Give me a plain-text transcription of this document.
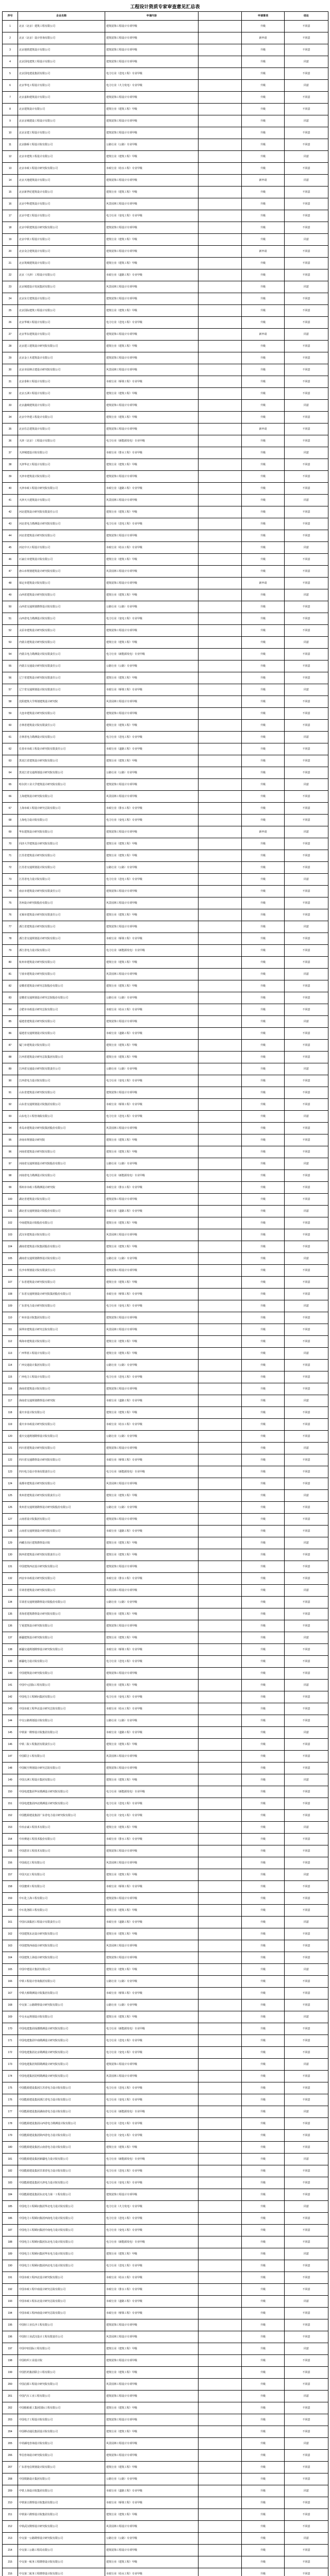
工程设计资质专家审查意见汇总表
序号	企业名称	申请内容		申请事项	结论
1	北京（北京）建筑工程有限公司	建筑装饰工程设计专项甲级		升级	不同意
2	北京（北京）设计咨询有限公司	建筑装饰工程设计专项甲级		新申请	不同意
3	北京地铁建筑设计有限公司	建筑装饰工程设计专项甲级		升级	不同意
4	北京国电建筑工程设计有限公司	建筑装饰工程设计专项甲级		升级	同意
5	北京国电建设集团有限公司	电力行业（送电工程）专业甲级		升级	不同意
6	北京华电工程设计有限公司	电力行业（火力发电）专业甲级		升级	同意
7	北京嘉和建筑设计有限公司	建筑装饰工程设计专项甲级		升级	不同意
8	北京建筑设计有限公司	建筑行业（建筑工程）甲级		升级	不同意
9	北京京城建设工程设计有限公司	建筑装饰工程设计专项甲级		升级	同意
10	北京京建工程设计有限公司	建筑装饰工程设计专项甲级		升级	不同意
11	北京路桥工程设计院有限公司	公路行业（公路）专业甲级		升级	不同意
12	北京市建筑工程设计有限公司	建筑行业（建筑工程）甲级		升级	同意
13	北京市政工程设计研究院有限公司	市政行业（给水工程）专业甲级		升级	不同意
14	北京天地建筑设计有限公司	建筑装饰工程设计专项甲级		新申请	同意
15	北京新世纪建筑设计有限公司	建筑行业（建筑工程）甲级		升级	不同意
16	北京中科建筑设计有限公司	风景园林工程设计专项甲级		升级	不同意
17	北京中建工程设计有限公司	电力行业（变电工程）专业甲级		升级	不同意
18	北京中联建筑设计研究院有限公司	建筑装饰工程设计专项甲级		升级	不同意
19	北京中铁工程设计有限公司	建筑行业（建筑工程）甲级		升级	同意
20	北京众合建筑设计有限公司	建筑装饰工程设计专项甲级		新申请	不同意
21	北京筑城建筑设计有限公司	建筑行业（建筑工程）甲级		升级	不同意
22	北京（天津）工程设计有限公司	市政行业（道路工程）专业甲级		升级	不同意
23	北京城建设计发展集团有限公司	风景园林工程设计专项甲级		升级	同意
24	北京东方建筑设计有限公司	建筑装饰工程设计专项甲级		升级	不同意
25	北京国际建筑工程设计有限公司	建筑行业（建筑工程）甲级		升级	不同意
26	北京华城工程设计有限公司	电力行业（送电工程）专业甲级		升级	不同意
27	北京华东建筑设计有限公司	建筑装饰工程设计专项甲级		新申请	同意
28	北京建工建筑设计研究院有限公司	建筑行业（建筑工程）甲级		升级	不同意
29	北京金土木建筑设计有限公司	建筑装饰工程设计专项甲级		升级	不同意
30	北京市园林古建设计研究院有限公司	风景园林工程设计专项甲级		升级	不同意
31	北京泰和工程设计有限公司	市政行业（桥梁工程）专业甲级		升级	不同意
32	北京五洲工程设计有限公司	建筑行业（建筑工程）甲级		升级	不同意
33	北京鑫城建筑设计有限公司	建筑装饰工程设计专项甲级		升级	同意
34	北京中外建工程设计有限公司	建筑行业（建筑工程）甲级		升级	不同意
35	北京住总建筑设计有限公司	建筑装饰工程设计专项甲级		新申请	不同意
36	天津（北京）工程设计有限公司	电力行业（新能源发电）专业甲级		升级	不同意
37	天津城建设计院有限公司	市政行业（排水工程）专业甲级		升级	同意
38	天津华北工程设计有限公司	建筑行业（建筑工程）甲级		升级	不同意
39	天津市建筑设计院有限公司	建筑装饰工程设计专项甲级		升级	不同意
40	天津市政工程设计研究院有限公司	市政行业（道路工程）专业甲级		升级	不同意
41	天津天大建筑设计有限公司	风景园林工程设计专项甲级		升级	同意
42	河北建筑设计研究院有限责任公司	建筑行业（建筑工程）甲级		升级	不同意
43	河北省电力勘测设计研究院有限公司	电力行业（送电工程）专业甲级		升级	不同意
44	河北省建筑设计研究院有限公司	建筑装饰工程设计专项甲级		升级	不同意
45	河北中兴工程设计有限公司	市政行业（给水工程）专业甲级		升级	同意
46	石家庄市建筑设计院有限公司	建筑行业（建筑工程）甲级		升级	不同意
47	唐山市规划建筑设计研究院有限公司	风景园林工程设计专项甲级		升级	不同意
48	保定市建筑设计院有限公司	建筑装饰工程设计专项甲级		新申请	不同意
49	山西省建筑设计研究院有限公司	建筑行业（建筑工程）甲级		升级	同意
50	山西省交通规划勘察设计院有限公司	公路行业（公路）专业甲级		升级	不同意
51	山西省电力勘测设计院有限公司	电力行业（变电工程）专业甲级		升级	不同意
52	太原市建筑设计研究院有限公司	建筑装饰工程设计专项甲级		升级	不同意
53	内蒙古建筑设计研究院有限公司	建筑行业（建筑工程）甲级		升级	同意
54	内蒙古电力勘测设计院有限责任公司	电力行业（新能源发电）专业甲级		升级	不同意
55	内蒙古交通设计研究院有限责任公司	公路行业（公路）专业甲级		升级	不同意
56	辽宁省建筑设计研究院有限责任公司	建筑行业（建筑工程）甲级		升级	不同意
57	辽宁省交通规划设计院有限责任公司	市政行业（桥梁工程）专业甲级		升级	同意
58	沈阳建筑大学规划建筑设计研究院	风景园林工程设计专项甲级		升级	不同意
59	大连市建筑设计研究院有限公司	建筑装饰工程设计专项甲级		升级	不同意
60	吉林省建筑设计院有限责任公司	建筑行业（建筑工程）甲级		升级	不同意
61	吉林省电力勘测设计院有限公司	电力行业（送电工程）专业甲级		升级	同意
62	长春市市政工程设计研究院有限责任公司	市政行业（道路工程）专业甲级		升级	不同意
63	黑龙江省建筑设计研究院有限公司	建筑行业（建筑工程）甲级		升级	不同意
64	黑龙江省交通规划设计研究院有限公司	公路行业（公路）专业甲级		升级	不同意
65	哈尔滨工业大学建筑设计研究院有限公司	建筑装饰工程设计专项甲级		升级	同意
66	上海建筑设计研究院有限公司	风景园林工程设计专项甲级		升级	不同意
67	上海市政工程设计研究总院有限公司	市政行业（排水工程）专业甲级		升级	不同意
68	上海电力设计院有限公司	电力行业（变电工程）专业甲级		升级	不同意
69	华东建筑设计研究院有限公司	建筑装饰工程设计专项甲级		新申请	同意
70	同济大学建筑设计研究院有限公司	建筑行业（建筑工程）甲级		升级	不同意
71	江苏省建筑设计研究院有限公司	建筑行业（建筑工程）甲级		升级	不同意
72	江苏省交通规划设计院有限公司	公路行业（公路）专业甲级		升级	不同意
73	江苏省电力设计院有限公司	电力行业（送电工程）专业甲级		升级	同意
74	南京市建筑设计研究院有限责任公司	建筑装饰工程设计专项甲级		升级	不同意
75	苏州设计研究院股份有限公司	风景园林工程设计专项甲级		升级	不同意
76	无锡市建筑设计研究院有限责任公司	建筑行业（建筑工程）甲级		升级	不同意
77	浙江省建筑设计研究院有限公司	建筑装饰工程设计专项甲级		升级	同意
78	浙江省交通规划设计研究院有限公司	市政行业（桥梁工程）专业甲级		升级	不同意
79	浙江省电力设计院有限公司	电力行业（新能源发电）专业甲级		升级	不同意
80	杭州市建筑设计研究院有限公司	建筑行业（建筑工程）甲级		升级	不同意
81	宁波市建筑设计研究院有限公司	风景园林工程设计专项甲级		升级	同意
82	安徽省建筑设计研究总院股份有限公司	建筑行业（建筑工程）甲级		升级	不同意
83	安徽省交通规划设计研究总院股份有限公司	公路行业（公路）专业甲级		升级	不同意
84	合肥市市政设计研究总院有限公司	市政行业（给水工程）专业甲级		升级	不同意
85	福建省建筑设计研究院有限公司	建筑装饰工程设计专项甲级		升级	同意
86	福建省交通规划设计院有限公司	市政行业（道路工程）专业甲级		升级	不同意
87	厦门市建筑设计院有限公司	建筑行业（建筑工程）甲级		升级	不同意
88	江西省建筑设计研究总院集团有限公司	建筑行业（建筑工程）甲级		升级	不同意
89	江西省交通设计研究院有限责任公司	公路行业（公路）专业甲级		升级	同意
90	江西省电力设计院有限公司	电力行业（变电工程）专业甲级		升级	不同意
91	山东省建筑设计研究院有限公司	建筑装饰工程设计专项甲级		升级	不同意
92	山东省交通规划设计院集团有限公司	市政行业（桥梁工程）专业甲级		升级	不同意
93	山东电力工程咨询院有限公司	电力行业（送电工程）专业甲级		升级	同意
94	青岛市建筑设计研究院集团股份有限公司	风景园林工程设计专项甲级		升级	不同意
95	济南市规划设计研究院	建筑行业（建筑工程）甲级		升级	不同意
96	河南省建筑设计研究院有限公司	建筑行业（建筑工程）甲级		升级	不同意
97	河南省交通规划设计研究院股份有限公司	公路行业（公路）专业甲级		升级	同意
98	河南省电力勘测设计院有限公司	电力行业（新能源发电）专业甲级		升级	不同意
99	郑州市市政工程勘测设计研究院	市政行业（排水工程）专业甲级		升级	不同意
100	湖北省建筑设计院有限公司	建筑装饰工程设计专项甲级		升级	不同意
101	湖北省交通规划设计院股份有限公司	市政行业（道路工程）专业甲级		升级	同意
102	中南建筑设计院股份有限公司	建筑行业（建筑工程）甲级		升级	不同意
103	武汉市建筑设计院有限公司	风景园林工程设计专项甲级		升级	不同意
104	湖南省建筑设计院集团股份有限公司	建筑行业（建筑工程）甲级		升级	不同意
105	湖南省交通规划勘察设计院有限公司	公路行业（公路）专业甲级		升级	同意
106	长沙市规划设计院有限责任公司	建筑装饰工程设计专项甲级		升级	不同意
107	广东省建筑设计研究院有限公司	建筑行业（建筑工程）甲级		升级	不同意
108	广东省交通规划设计研究院集团股份有限公司	市政行业（桥梁工程）专业甲级		升级	不同意
109	广东省电力设计研究院有限公司	电力行业（变电工程）专业甲级		升级	同意
110	广州市设计院集团有限公司	建筑装饰工程设计专项甲级		升级	不同意
111	深圳市建筑设计研究总院有限公司	风景园林工程设计专项甲级		升级	不同意
112	珠海市建筑设计院有限公司	建筑行业（建筑工程）甲级		升级	不同意
113	广西华蓝工程设计有限公司	建筑行业（建筑工程）甲级		升级	同意
114	广西交通设计集团有限公司	公路行业（公路）专业甲级		升级	不同意
115	广西电力工程设计有限公司	电力行业（送电工程）专业甲级		升级	不同意
116	海南省建筑设计院有限公司	建筑装饰工程设计专项甲级		升级	不同意
117	海南省交通规划勘察设计研究院	市政行业（道路工程）专业甲级		升级	同意
118	重庆市设计院有限公司	建筑行业（建筑工程）甲级		升级	不同意
119	重庆市市政设计研究院有限公司	市政行业（给水工程）专业甲级		升级	不同意
120	重庆交通规划勘察设计院有限公司	公路行业（公路）专业甲级		升级	不同意
121	四川省建筑设计研究院有限公司	建筑装饰工程设计专项甲级		升级	同意
122	四川省交通勘察设计研究院有限公司	市政行业（桥梁工程）专业甲级		升级	不同意
123	四川电力设计咨询有限责任公司	电力行业（新能源发电）专业甲级		升级	不同意
124	成都市建筑设计研究院有限公司	风景园林工程设计专项甲级		升级	不同意
125	贵州省建筑设计研究院有限责任公司	建筑行业（建筑工程）甲级		升级	同意
126	贵州省交通规划勘察设计研究院股份有限公司	公路行业（公路）专业甲级		升级	不同意
127	云南省设计院集团有限公司	建筑装饰工程设计专项甲级		升级	不同意
128	云南省交通规划设计研究院有限公司	市政行业（道路工程）专业甲级		升级	不同意
129	西藏自治区建筑勘察设计院	建筑行业（建筑工程）甲级		升级	同意
130	陕西省建筑设计研究院有限责任公司	建筑行业（建筑工程）甲级		升级	不同意
131	中国建筑西北设计研究院有限公司	建筑装饰工程设计专项甲级		升级	不同意
132	西安市市政设计研究院有限公司	市政行业（排水工程）专业甲级		升级	不同意
133	甘肃省建筑设计研究院有限公司	风景园林工程设计专项甲级		升级	同意
134	甘肃省交通规划勘察设计院股份有限公司	公路行业（公路）专业甲级		升级	不同意
135	青海省建筑勘察设计研究院有限公司	建筑行业（建筑工程）甲级		升级	不同意
136	宁夏建筑设计研究院有限公司	建筑装饰工程设计专项甲级		升级	不同意
137	新疆建筑设计研究院有限公司	建筑行业（建筑工程）甲级		升级	同意
138	新疆交通规划勘察设计研究院有限公司	市政行业（桥梁工程）专业甲级		升级	不同意
139	新疆电力设计院有限公司	电力行业（送电工程）专业甲级		升级	不同意
140	中国建筑设计研究院有限公司	建筑装饰工程设计专项甲级		升级	不同意
141	中国中元国际工程有限公司	建筑行业（建筑工程）甲级		升级	同意
142	中国电力工程顾问集团有限公司	电力行业（变电工程）专业甲级		升级	不同意
143	中国市政工程华北设计研究总院有限公司	市政行业（给水工程）专业甲级		升级	不同意
144	中交公路规划设计院有限公司	公路行业（公路）专业甲级		升级	不同意
145	中铁第一勘察设计院集团有限公司	市政行业（道路工程）专业甲级		升级	同意
146	中铁二院工程集团有限责任公司	建筑行业（建筑工程）甲级		升级	不同意
147	中国联合工程有限公司	风景园林工程设计专项甲级		升级	不同意
148	中国航空规划设计研究总院有限公司	建筑装饰工程设计专项甲级		升级	不同意
149	中国五洲工程设计集团有限公司	建筑行业（建筑工程）甲级		升级	同意
150	中国电建集团华东勘测设计研究院有限公司	电力行业（新能源发电）专业甲级		升级	不同意
151	中国电建集团西北勘测设计研究院有限公司	电力行业（送电工程）专业甲级		升级	不同意
152	中国能源建设集团广东省电力设计研究院有限公司	电力行业（变电工程）专业甲级		升级	不同意
153	中冶京诚工程技术有限公司	建筑行业（建筑工程）甲级		升级	同意
154	中冶赛迪工程技术股份有限公司	市政行业（排水工程）专业甲级		升级	不同意
155	中国恩菲工程技术有限公司	建筑装饰工程设计专项甲级		升级	不同意
156	中国成达工程有限公司	风景园林工程设计专项甲级		升级	不同意
157	中国天辰工程有限公司	建筑行业（建筑工程）甲级		升级	同意
158	中国寰球工程有限公司	市政行业（桥梁工程）专业甲级		升级	不同意
159	中石化上海工程有限公司	建筑装饰工程设计专项甲级		升级	不同意
160	中石化洛阳工程有限公司	建筑行业（建筑工程）甲级		升级	不同意
161	中国石油集团工程设计有限责任公司	市政行业（道路工程）专业甲级		升级	同意
162	中国建筑东北设计研究院有限公司	建筑行业（建筑工程）甲级		升级	不同意
163	中国建筑西南设计研究院有限公司	风景园林工程设计专项甲级		升级	不同意
164	中国建筑上海设计研究院有限公司	建筑装饰工程设计专项甲级		升级	不同意
165	中国中建设计集团有限公司	建筑行业（建筑工程）甲级		升级	同意
166	中铁工程设计咨询集团有限公司	公路行业（公路）专业甲级		升级	不同意
167	中铁大桥勘测设计院集团有限公司	市政行业（桥梁工程）专业甲级		升级	不同意
168	中交第二公路勘察设计研究院有限公司	公路行业（公路）专业甲级		升级	不同意
169	中交水运规划设计院有限公司	建筑行业（建筑工程）甲级		升级	同意
170	中国电建集团成都勘测设计研究院有限公司	电力行业（新能源发电）专业甲级		升级	不同意
171	中国电建集团中南勘测设计研究院有限公司	电力行业（送电工程）专业甲级		升级	不同意
172	中国电建集团北京勘测设计研究院有限公司	电力行业（变电工程）专业甲级		升级	不同意
173	中国电建集团贵阳勘测设计研究院有限公司	建筑装饰工程设计专项甲级		升级	同意
174	中国电建集团昆明勘测设计研究院有限公司	风景园林工程设计专项甲级		升级	不同意
175	中国能源建设集团江苏省电力设计院有限公司	电力行业（送电工程）专业甲级		升级	不同意
176	中国能源建设集团浙江省电力设计院有限公司	电力行业（变电工程）专业甲级		升级	不同意
177	中国能源建设集团湖南省电力设计院有限公司	电力行业（新能源发电）专业甲级		升级	同意
178	中国能源建设集团山西省电力勘测设计院有限公司	电力行业（送电工程）专业甲级		升级	不同意
179	中国能源建设集团陕西省电力设计院有限公司	电力行业（变电工程）专业甲级		升级	不同意
180	中国能源建设集团云南省电力设计院有限公司	建筑行业（建筑工程）甲级		升级	不同意
181	中国能源建设集团新疆电力设计院有限公司	电力行业（新能源发电）专业甲级		升级	同意
182	中国能源建设集团甘肃省电力设计院有限公司	电力行业（送电工程）专业甲级		升级	不同意
183	中国能源建设集团天津电力设计院有限公司	电力行业（变电工程）专业甲级		升级	不同意
184	中国能源建设集团东北电力第一工程有限公司	建筑装饰工程设计专项甲级		升级	不同意
185	中国电力工程顾问集团华北电力设计院有限公司	电力行业（火力发电）专业甲级		升级	同意
186	中国电力工程顾问集团西南电力设计院有限公司	电力行业（送电工程）专业甲级		升级	不同意
187	中国电力工程顾问集团中南电力设计院有限公司	电力行业（变电工程）专业甲级		升级	不同意
188	中国电力工程顾问集团东北电力设计院有限公司	电力行业（新能源发电）专业甲级		升级	不同意
189	中国电力工程顾问集团华东电力设计院有限公司	建筑行业（建筑工程）甲级		升级	同意
190	中国电力工程顾问集团西北电力设计院有限公司	电力行业（送电工程）专业甲级		升级	不同意
191	中国市政工程西北设计研究院有限公司	市政行业（给水工程）专业甲级		升级	不同意
192	中国市政工程中南设计研究总院有限公司	市政行业（排水工程）专业甲级		升级	不同意
193	中国市政工程东北设计研究总院有限公司	市政行业（道路工程）专业甲级		升级	同意
194	中国市政工程西南设计研究总院有限公司	市政行业（桥梁工程）专业甲级		升级	不同意
195	中国轻工业长沙工程有限公司	建筑装饰工程设计专项甲级		升级	不同意
196	中国轻工业武汉设计工程有限责任公司	风景园林工程设计专项甲级		升级	不同意
197	中国中轻国际工程有限公司	建筑行业（建筑工程）甲级		升级	同意
198	中国纺织工业设计院	建筑装饰工程设计专项甲级		升级	不同意
199	中国医药集团联合工程有限公司	建筑行业（建筑工程）甲级		升级	不同意
200	中国启源工程设计研究院有限公司	风景园林工程设计专项甲级		升级	不同意
201	中国汽车工业工程有限公司	建筑装饰工程设计专项甲级		升级	同意
202	中国船舶重工集团国际工程有限公司	建筑行业（建筑工程）甲级		升级	不同意
203	中国电子工程设计院有限公司	建筑装饰工程设计专项甲级		升级	不同意
204	中国移动通信集团设计院有限公司	建筑行业（建筑工程）甲级		升级	不同意
205	中讯邮电咨询设计院有限公司	风景园林工程设计专项甲级		升级	同意
206	华信咨询设计研究院有限公司	建筑装饰工程设计专项甲级		升级	不同意
207	广东省电信规划设计院有限公司	建筑行业（建筑工程）甲级		升级	不同意
208	中国铁路设计集团有限公司	公路行业（公路）专业甲级		升级	不同意
209	中铁上海设计院集团有限公司	市政行业（道路工程）专业甲级		升级	同意
210	中铁第五勘察设计院集团有限公司	市政行业（桥梁工程）专业甲级		升级	不同意
211	中铁第六勘察设计院集团有限公司	建筑行业（建筑工程）甲级		升级	不同意
212	中铁武汉勘察设计研究院有限公司	风景园林工程设计专项甲级		升级	不同意
213	中交第一公路勘察设计研究院有限公司	公路行业（公路）专业甲级		升级	同意
214	中交第三公路工程局有限公司	建筑装饰工程设计专项甲级		升级	不同意
215	中交第一航务工程勘察设计院有限公司	建筑行业（建筑工程）甲级		升级	不同意
216	中交第二航务工程勘察设计院有限公司	市政行业（给水工程）专业甲级		升级	不同意
